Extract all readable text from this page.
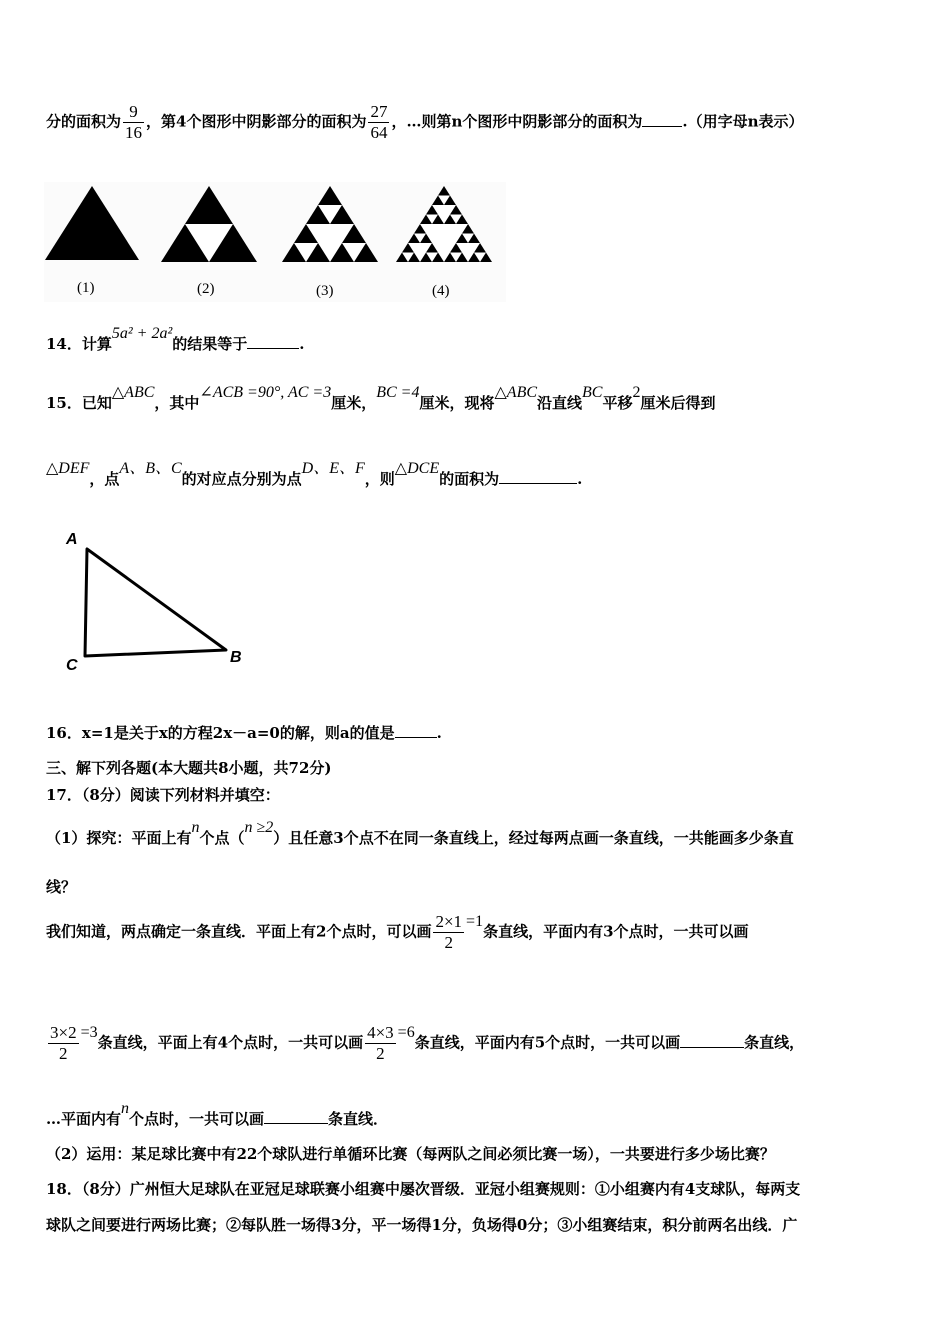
分的面积为 $\frac{9}{16}$ ，第4个图形中阴影部分的面积为 $\frac{27}{64}$ ，…则第n个图形中阴影部分的面积为	.（用字母n表示）
(1)	(2)	(3)	(4)
14．计算5a² + 2a²的结果等于	.
15．已知△ABC，其中∠ACB =90°, AC =3厘米，BC =4厘米，现将△ABC沿直线BC平移2厘米后得到
△DEF，点A、B、C的对应点分别为点D、E、F，则△DCE的面积为	.
A
C	B
16．x=1是关于x的方程2x－a=0的解，则a的值是	.
三、解下列各题(本大题共8小题，共72分)
17．（8分）阅读下列材料并填空：
（1）探究：平面上有n个点（n ≥2）且任意3个点不在同一条直线上，经过每两点画一条直线，一共能画多少条直
线？
我们知道，两点确定一条直线．平面上有2个点时，可以画 $\frac{2\times 1}{2} =1$条直线，平面内有3个点时，一共可以画
$\frac{3\times 2}{2} =3$条直线，平面上有4个点时，一共可以画 $\frac{4\times 3}{2} =6$条直线，平面内有5个点时，一共可以画	条直线，
…平面内有n个点时，一共可以画	条直线．
（2）运用：某足球比赛中有22个球队进行单循环比赛（每两队之间必须比赛一场），一共要进行多少场比赛？
18．（8分）广州恒大足球队在亚冠足球联赛小组赛中屡次晋级．亚冠小组赛规则：①小组赛内有4支球队，每两支
球队之间要进行两场比赛；②每队胜一场得3分，平一场得1分，负场得0分；③小组赛结束，积分前两名出线．广
